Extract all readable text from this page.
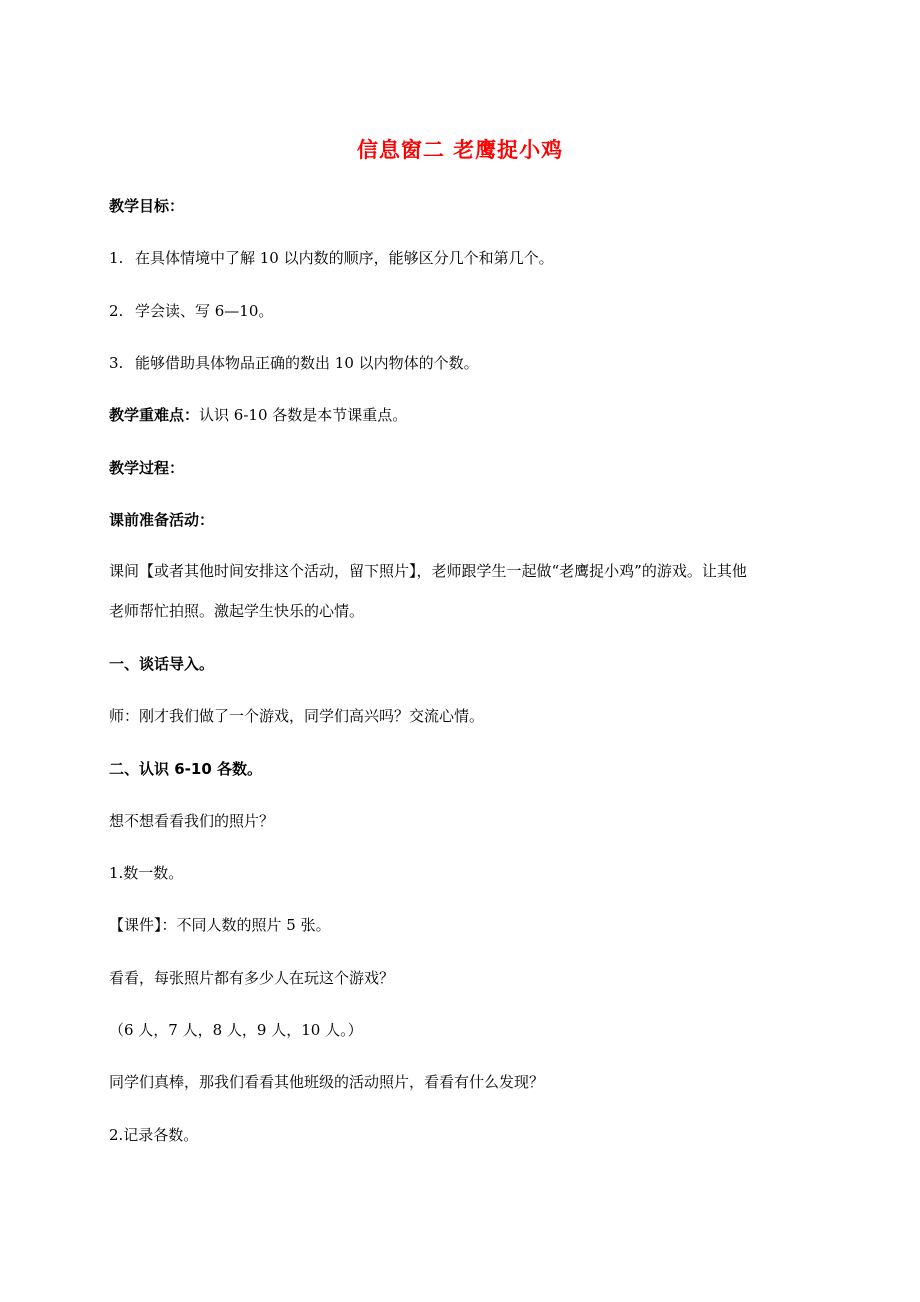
信息窗二 老鹰捉小鸡
教学目标：
1. 在具体情境中了解 10 以内数的顺序，能够区分几个和第几个。
2. 学会读、写 6—10。
3. 能够借助具体物品正确的数出 10 以内物体的个数。
教学重难点：认识 6-10 各数是本节课重点。
教学过程：
课前准备活动：
课间【或者其他时间安排这个活动，留下照片】，老师跟学生一起做“老鹰捉小鸡”的游戏。让其他
老师帮忙拍照。激起学生快乐的心情。
一、谈话导入。
师：刚才我们做了一个游戏，同学们高兴吗？交流心情。
二、认识 6-10 各数。
想不想看看我们的照片？
1.数一数。
【课件】：不同人数的照片 5 张。
看看，每张照片都有多少人在玩这个游戏？
（6 人，7 人，8 人，9 人，10 人。）
同学们真棒，那我们看看其他班级的活动照片，看看有什么发现？
2.记录各数。
